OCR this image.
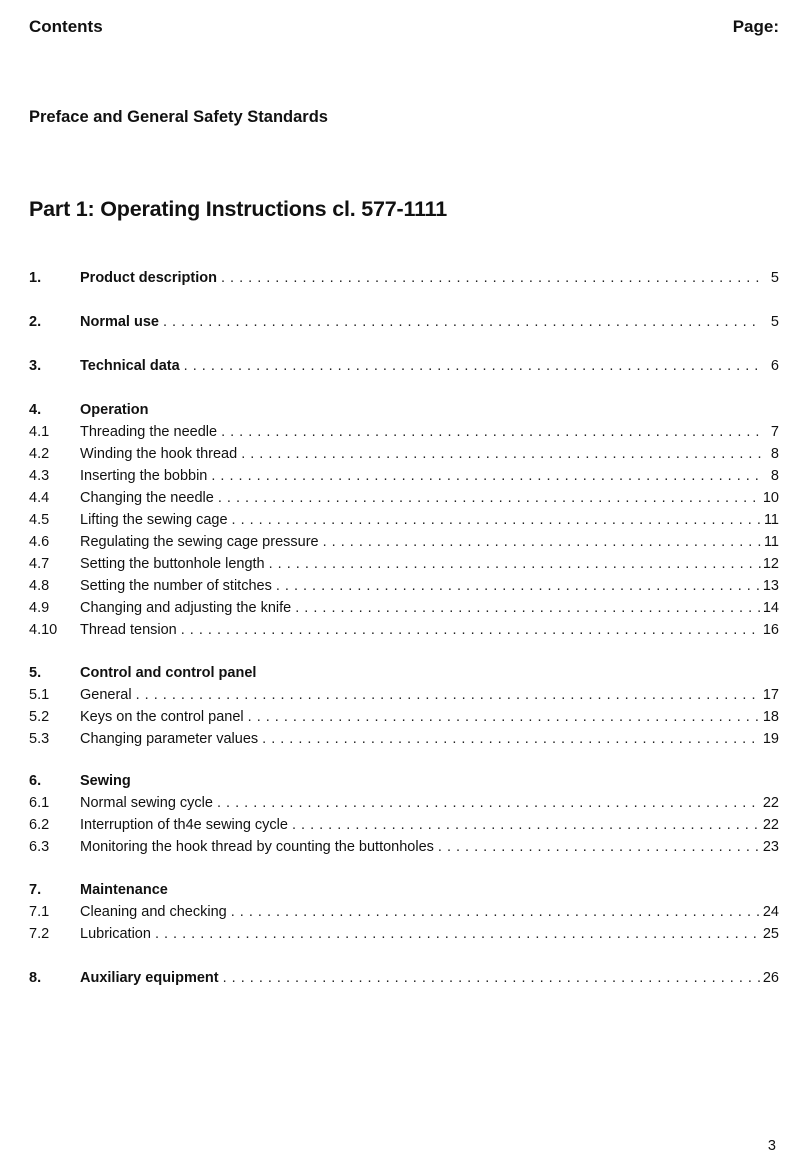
Contents	Page:
Preface and General Safety Standards
Part 1: Operating Instructions cl. 577-1111
1.	Product description . . .	5
2.	Normal use . . .	5
3.	Technical data . . .	6
4.	Operation
4.1	Threading the needle . . .	7
4.2	Winding the hook thread . . .	8
4.3	Inserting the bobbin . . .	8
4.4	Changing the needle . . .	10
4.5	Lifting the sewing cage . . .	11
4.6	Regulating the sewing cage pressure . . .	11
4.7	Setting the buttonhole length . . .	12
4.8	Setting the number of stitches . . .	13
4.9	Changing and adjusting the knife . . .	14
4.10	Thread tension . . .	16
5.	Control and control panel
5.1	General . . .	17
5.2	Keys on the control panel . . .	18
5.3	Changing parameter values . . .	19
6.	Sewing
6.1	Normal sewing cycle . . .	22
6.2	Interruption of th4e sewing cycle . . .	22
6.3	Monitoring the hook thread by counting the buttonholes . . .	23
7.	Maintenance
7.1	Cleaning and checking . . .	24
7.2	Lubrication . . .	25
8.	Auxiliary equipment . . .	26
3
